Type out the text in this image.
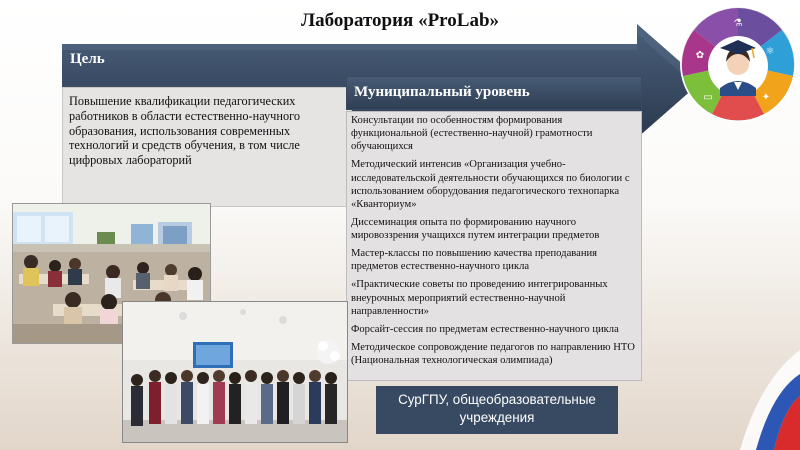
Лаборатория «ProLab»
Цель

Повышение квалификации педагогических работников в области естественно-научного образования, использования современных технологий и средств обучения, в том числе цифровых лабораторий

Муниципальный уровень

Консультации по особенностям формирования функциональной (естественно-научной) грамотности обучающихся

Методический интенсив «Организация учебно-исследовательской деятельности обучающихся по биологии с использованием оборудования педагогического технопарка «Кванториум»

Диссеминация опыта по формированию научного мировоззрения учащихся путем интеграции предметов

Мастер-классы по повышению качества преподавания предметов естественно-научного цикла

«Практические советы по проведению интегрированных внеурочных мероприятий естественно-научной направленности»

Форсайт-сессия по предметам естественно-научного цикла

Методическое сопровождение педагогов по направлению НТО (Национальная технологическая олимпиада)

СурГПУ, общеобразовательные учреждения
⚗
⚛
✦
▭
✿
